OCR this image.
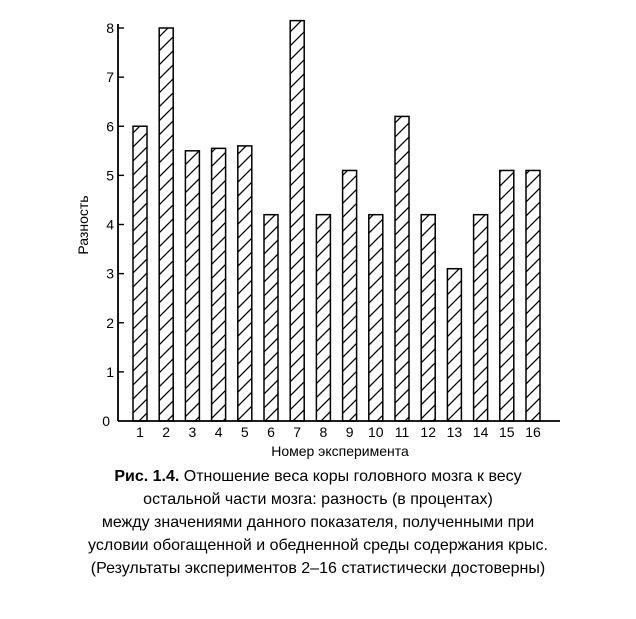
0
1
2
3
4
5
6
7
8
1 2 3 4 5 6 7 8 9 10 11 12 13 14 15 16
Разность
Номер эксперимента
Рис. 1.4. Отношение веса коры головного мозга к весу
остальной части мозга: разность (в процентах)
между значениями данного показателя, полученными при
условии обогащенной и обедненной среды содержания крыс.
(Результаты экспериментов 2–16 статистически достоверны)
